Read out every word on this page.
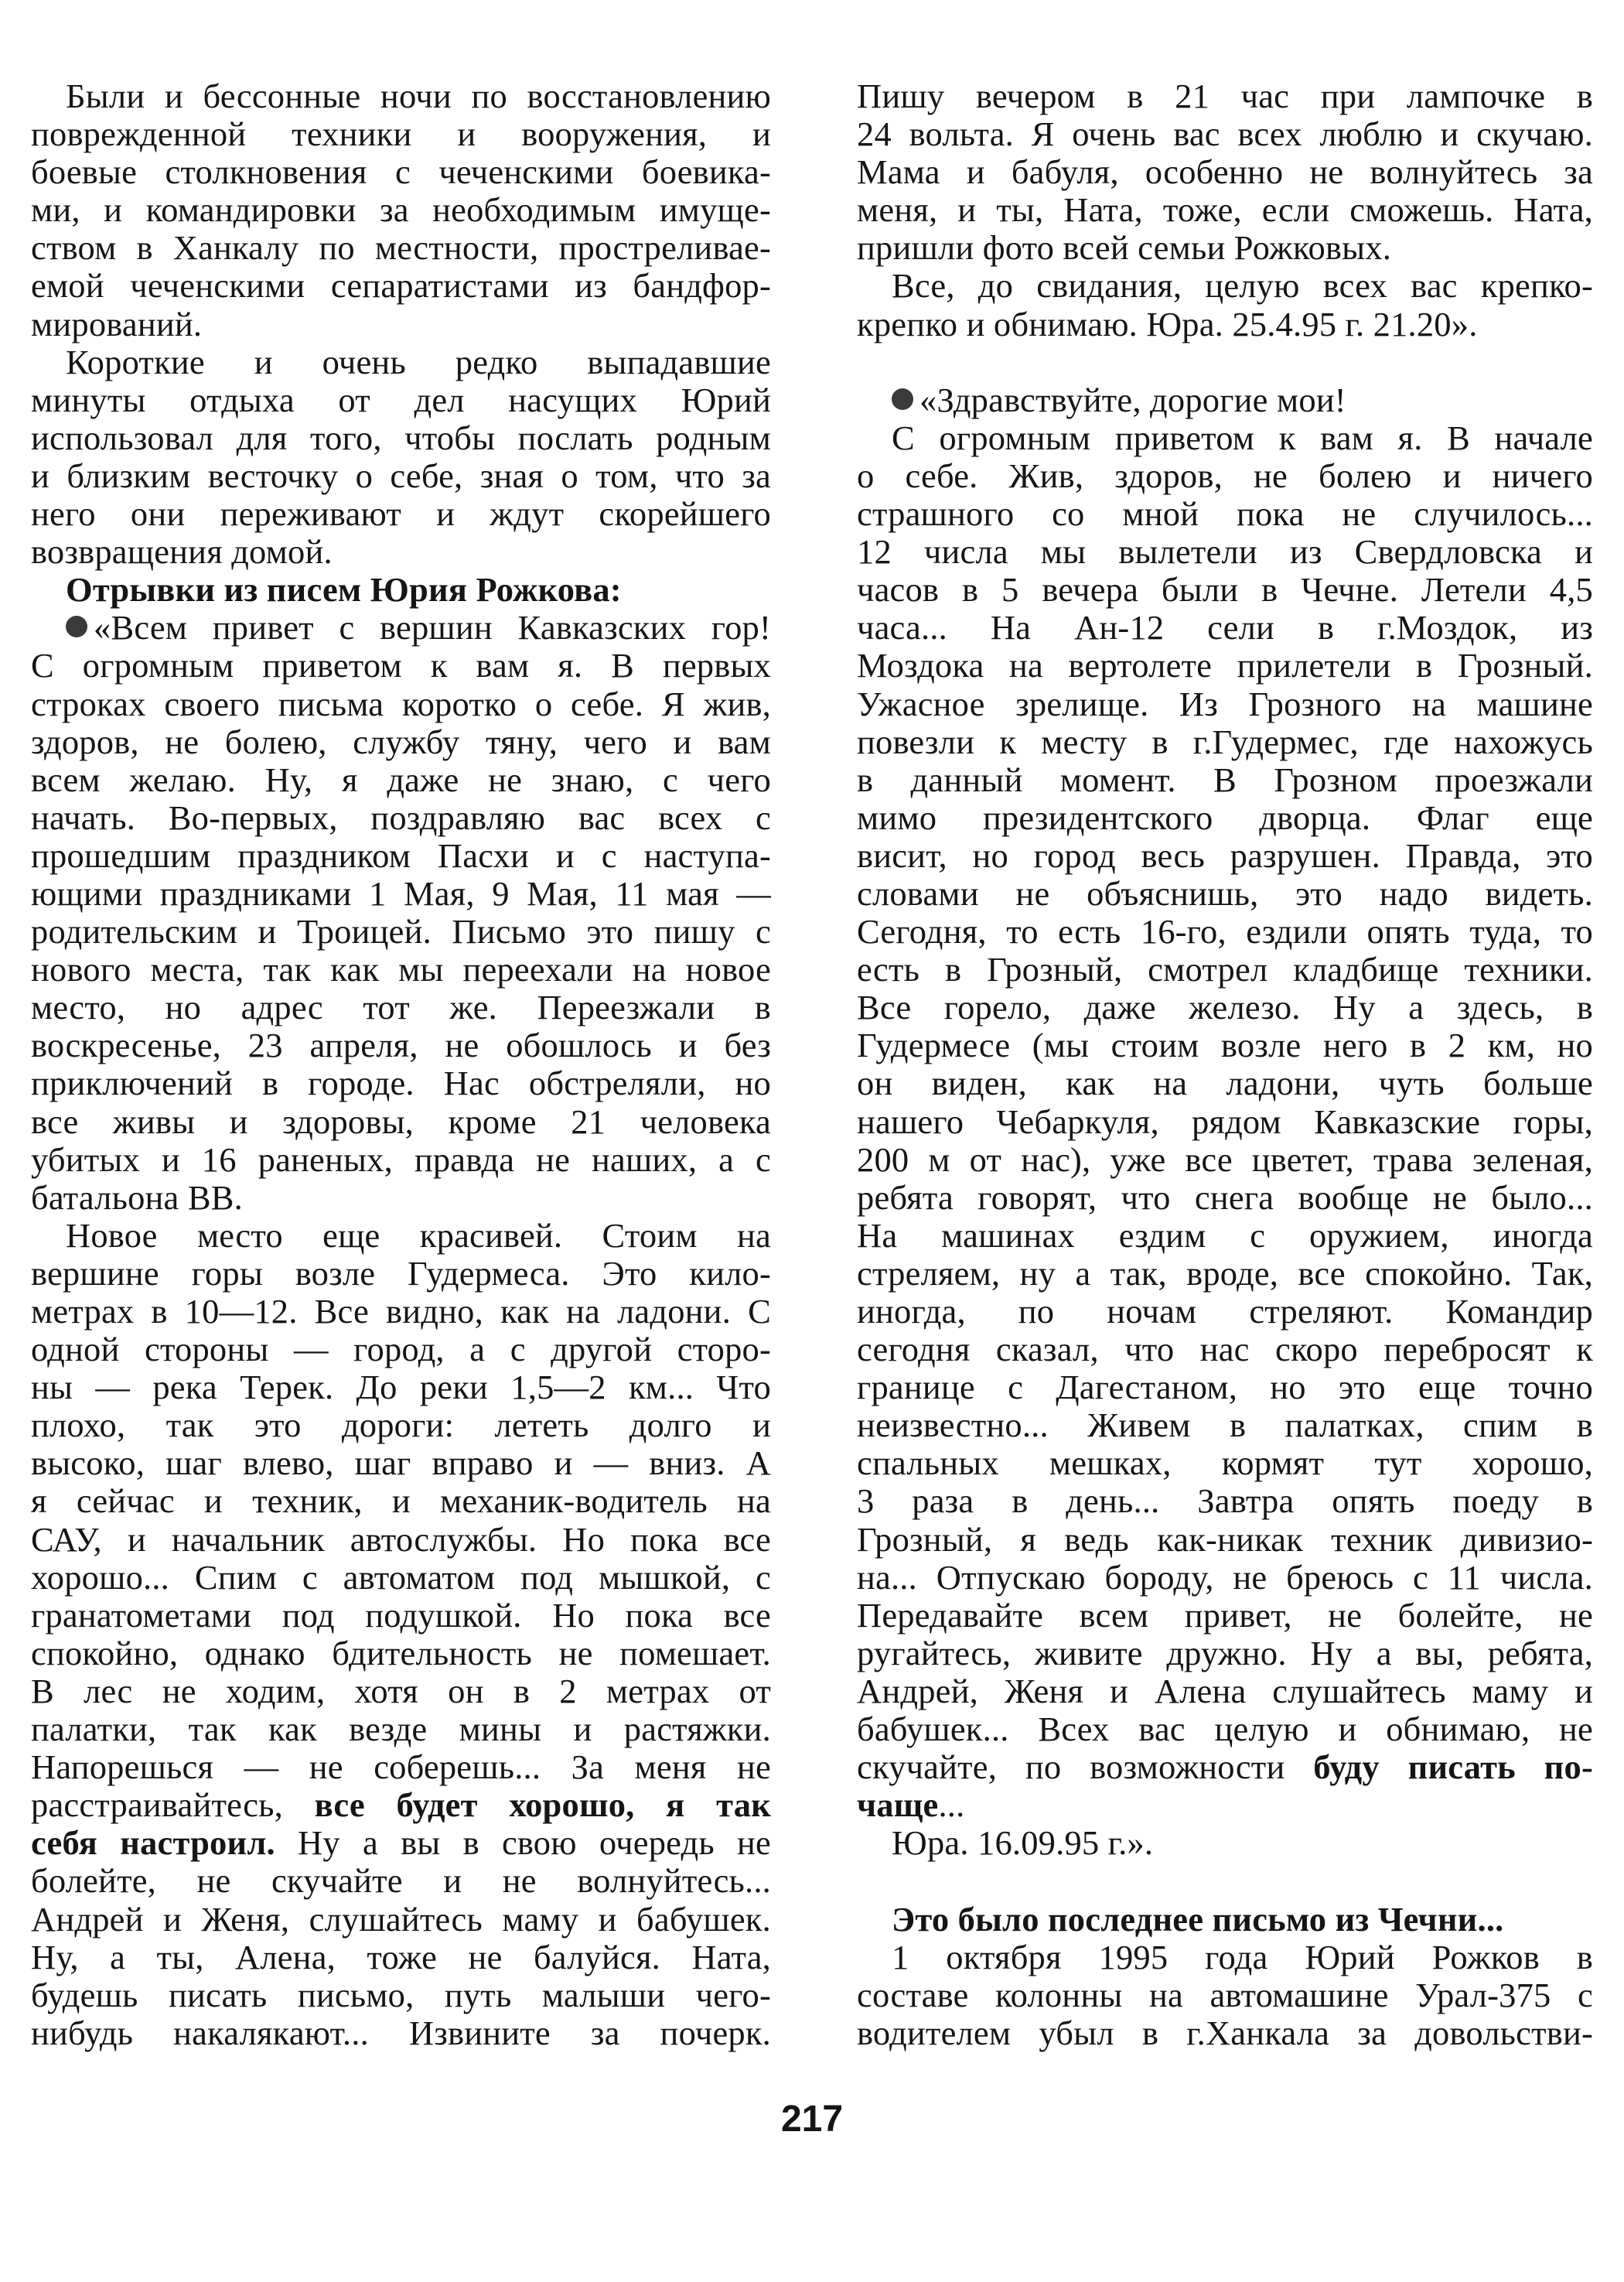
Были и бессонные ночи по восстановлению
поврежденной техники и вооружения, и
боевые столкновения с чеченскими боевика-
ми, и командировки за необходимым имуще-
ством в Ханкалу по местности, простреливае-
емой чеченскими сепаратистами из бандфор-
мирований.
Короткие и очень редко выпадавшие
минуты отдыха от дел насущих Юрий
использовал для того, чтобы послать родным
и близким весточку о себе, зная о том, что за
него они переживают и ждут скорейшего
возвращения домой.
Отрывки из писем Юрия Рожкова:
«Всем привет с вершин Кавказских гор!
С огромным приветом к вам я. В первых
строках своего письма коротко о себе. Я жив,
здоров, не болею, службу тяну, чего и вам
всем желаю. Ну, я даже не знаю, с чего
начать. Во-первых, поздравляю вас всех с
прошедшим праздником Пасхи и с наступа-
ющими праздниками 1 Мая, 9 Мая, 11 мая —
родительским и Троицей. Письмо это пишу с
нового места, так как мы переехали на новое
место, но адрес тот же. Переезжали в
воскресенье, 23 апреля, не обошлось и без
приключений в городе. Нас обстреляли, но
все живы и здоровы, кроме 21 человека
убитых и 16 раненых, правда не наших, а с
батальона ВВ.
Новое место еще красивей. Стоим на
вершине горы возле Гудермеса. Это кило-
метрах в 10—12. Все видно, как на ладони. С
одной стороны — город, а с другой сторо-
ны — река Терек. До реки 1,5—2 км... Что
плохо, так это дороги: лететь долго и
высоко, шаг влево, шаг вправо и — вниз. А
я сейчас и техник, и механик-водитель на
САУ, и начальник автослужбы. Но пока все
хорошо... Спим с автоматом под мышкой, с
гранатометами под подушкой. Но пока все
спокойно, однако бдительность не помешает.
В лес не ходим, хотя он в 2 метрах от
палатки, так как везде мины и растяжки.
Напорешься — не соберешь... За меня не
расстраивайтесь, все будет хорошо, я так
себя настроил. Ну а вы в свою очередь не
болейте, не скучайте и не волнуйтесь...
Андрей и Женя, слушайтесь маму и бабушек.
Ну, а ты, Алена, тоже не балуйся. Ната,
будешь писать письмо, путь малыши чего-
нибудь накалякают... Извините за почерк.
Пишу вечером в 21 час при лампочке в
24 вольта. Я очень вас всех люблю и скучаю.
Мама и бабуля, особенно не волнуйтесь за
меня, и ты, Ната, тоже, если сможешь. Ната,
пришли фото всей семьи Рожковых.
Все, до свидания, целую всех вас крепко-
крепко и обнимаю. Юра. 25.4.95 г. 21.20».
«Здравствуйте, дорогие мои!
С огромным приветом к вам я. В начале
о себе. Жив, здоров, не болею и ничего
страшного со мной пока не случилось...
12 числа мы вылетели из Свердловска и
часов в 5 вечера были в Чечне. Летели 4,5
часа... На Ан-12 сели в г.Моздок, из
Моздока на вертолете прилетели в Грозный.
Ужасное зрелище. Из Грозного на машине
повезли к месту в г.Гудермес, где нахожусь
в данный момент. В Грозном проезжали
мимо президентского дворца. Флаг еще
висит, но город весь разрушен. Правда, это
словами не объяснишь, это надо видеть.
Сегодня, то есть 16-го, ездили опять туда, то
есть в Грозный, смотрел кладбище техники.
Все горело, даже железо. Ну а здесь, в
Гудермесе (мы стоим возле него в 2 км, но
он виден, как на ладони, чуть больше
нашего Чебаркуля, рядом Кавказские горы,
200 м от нас), уже все цветет, трава зеленая,
ребята говорят, что снега вообще не было...
На машинах ездим с оружием, иногда
стреляем, ну а так, вроде, все спокойно. Так,
иногда, по ночам стреляют. Командир
сегодня сказал, что нас скоро перебросят к
границе с Дагестаном, но это еще точно
неизвестно... Живем в палатках, спим в
спальных мешках, кормят тут хорошо,
3 раза в день... Завтра опять поеду в
Грозный, я ведь как-никак техник дивизио-
на... Отпускаю бороду, не бреюсь с 11 числа.
Передавайте всем привет, не болейте, не
ругайтесь, живите дружно. Ну а вы, ребята,
Андрей, Женя и Алена слушайтесь маму и
бабушек... Всех вас целую и обнимаю, не
скучайте, по возможности буду писать по-
чаще...
Юра. 16.09.95 г.».
Это было последнее письмо из Чечни...
1 октября 1995 года Юрий Рожков в
составе колонны на автомашине Урал-375 с
водителем убыл в г.Ханкала за довольстви-
217
